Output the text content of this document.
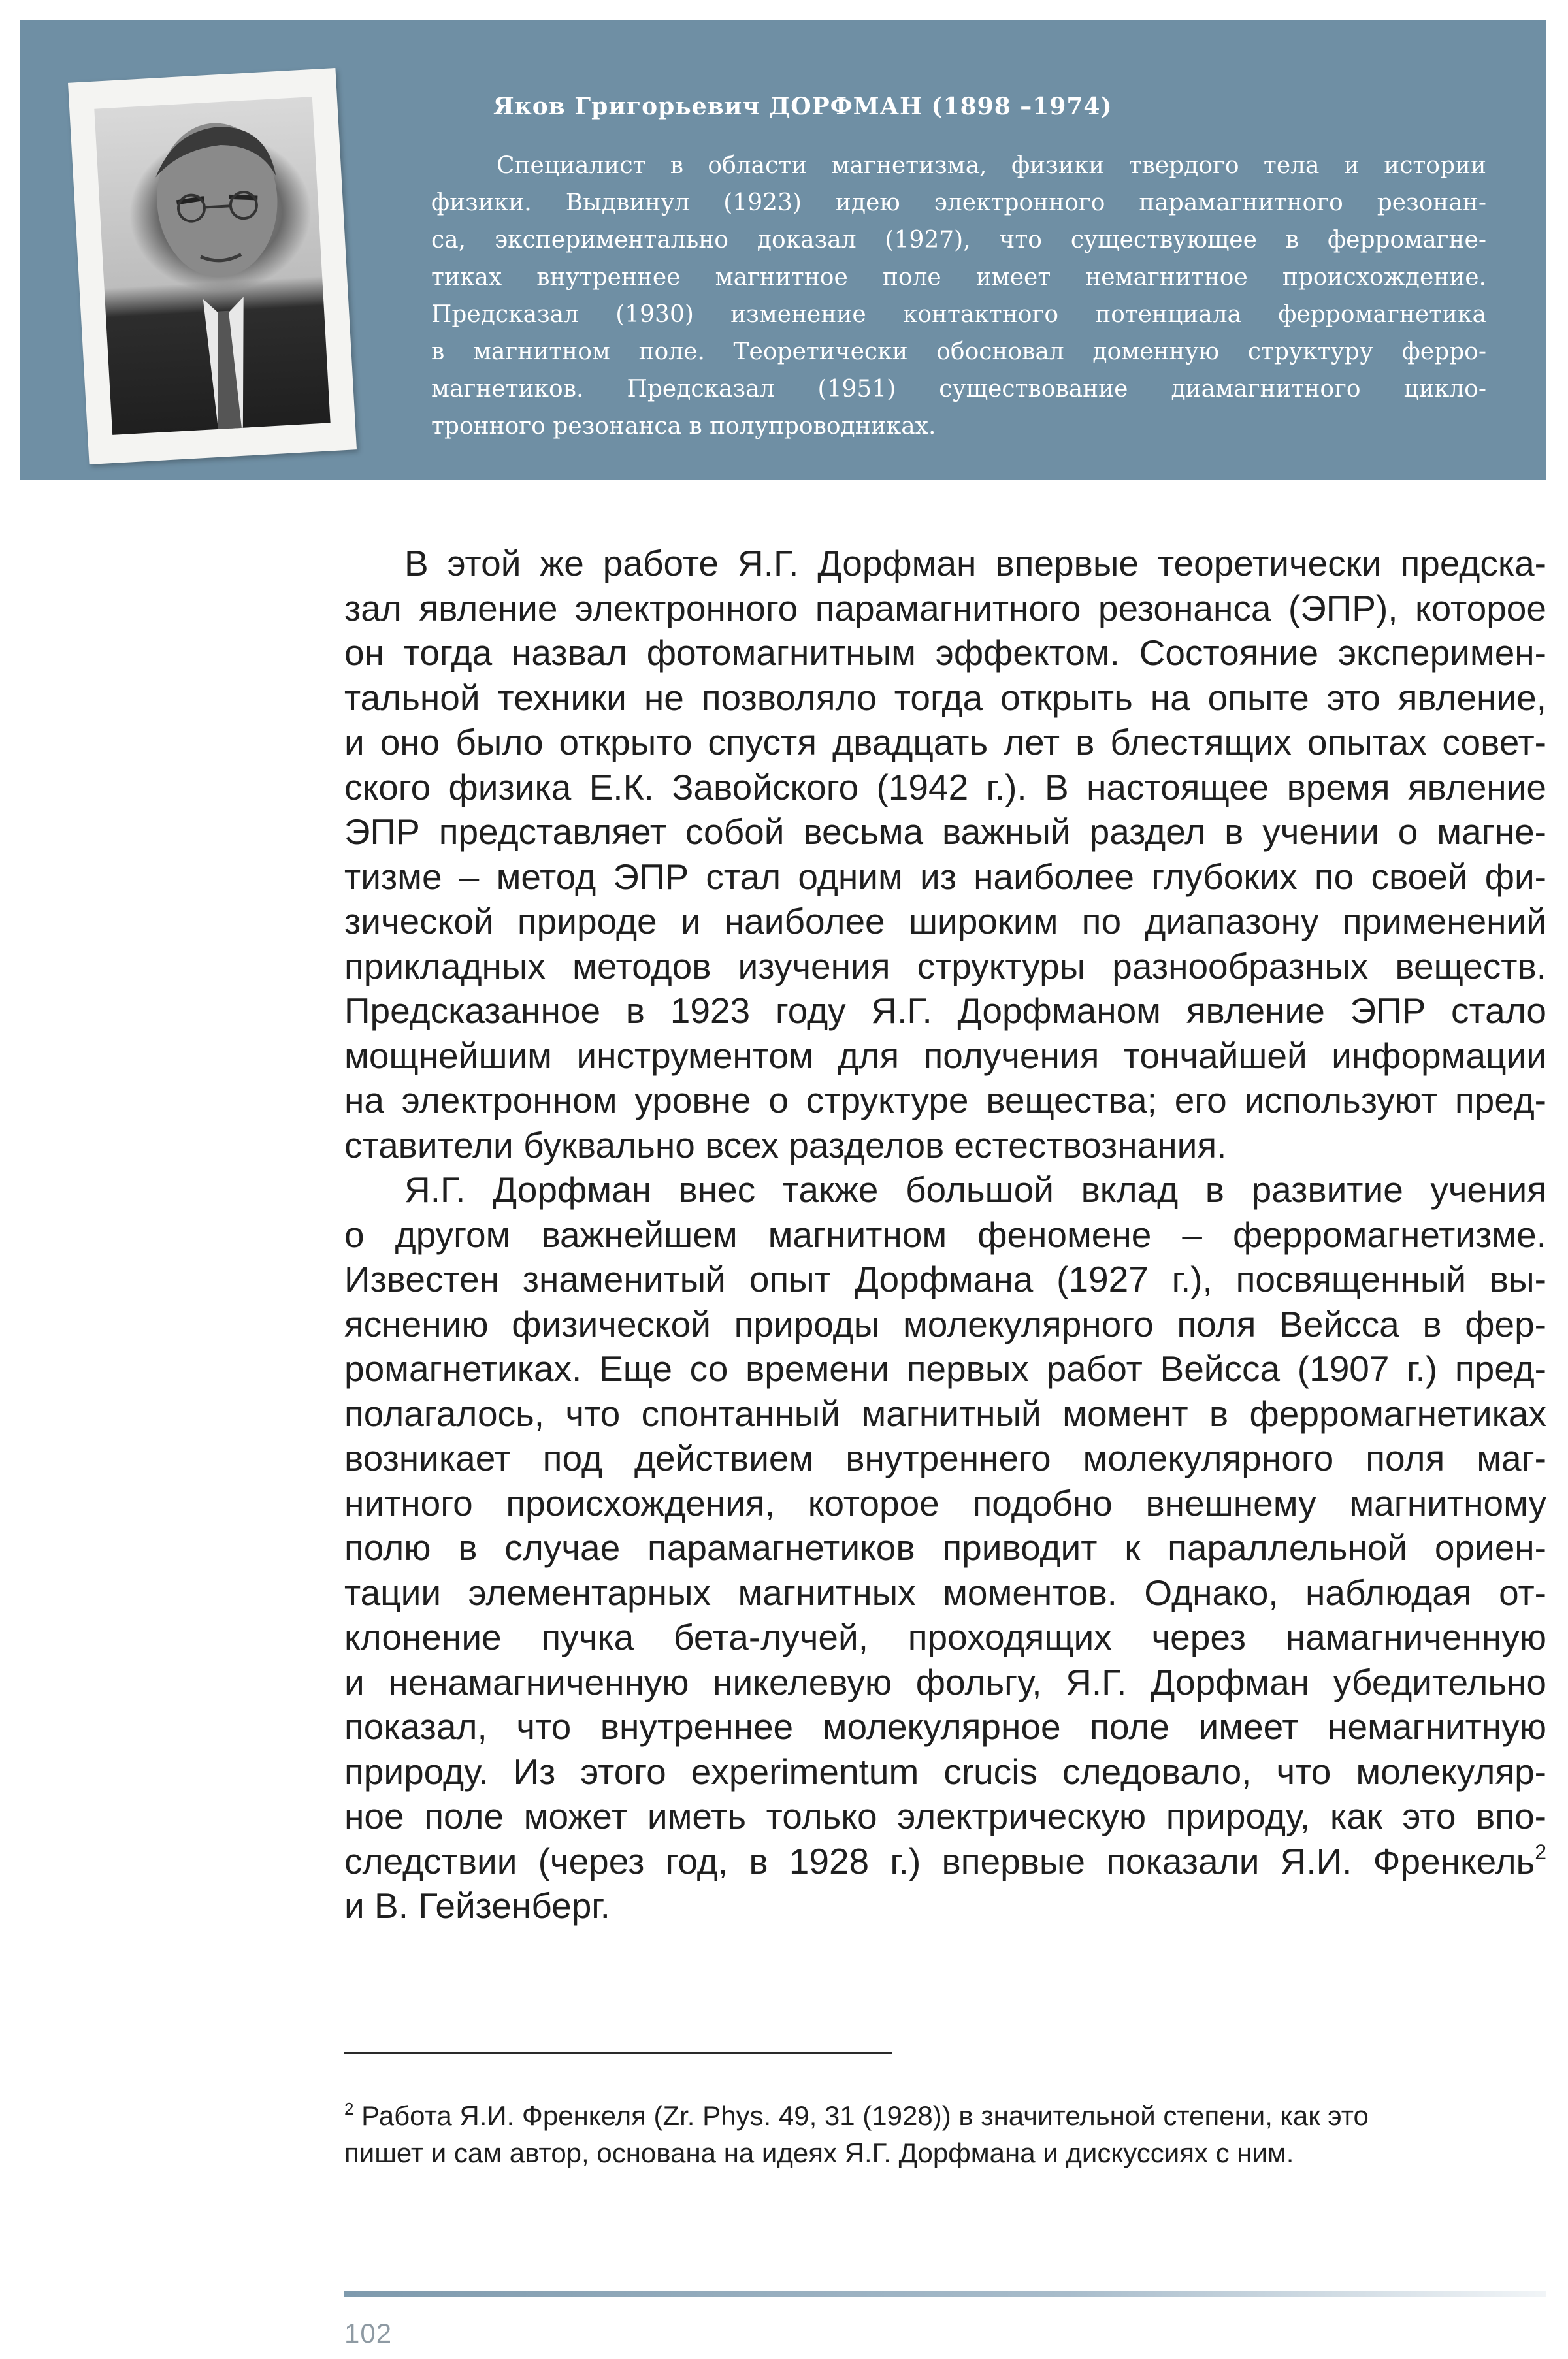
Яков Григорьевич ДОРФМАН (1898 –1974)

Специалист в области магнетизма, физики твердого тела и истории
физики. Выдвинул (1923) идею электронного парамагнитного резонан-
са, экспериментально доказал (1927), что существующее в ферромагне-
тиках внутреннее магнитное поле имеет немагнитное происхождение.
Предсказал (1930) изменение контактного потенциала ферромагнетика
в магнитном поле. Теоретически обосновал доменную структуру ферро-
магнетиков. Предсказал (1951) существование диамагнитного цикло-
тронного резонанса в полупроводниках.
В этой же работе Я.Г. Дорфман впервые теоретически предска-
зал явление электронного парамагнитного резонанса (ЭПР), которое
он тогда назвал фотомагнитным эффектом. Состояние эксперимен-
тальной техники не позволяло тогда открыть на опыте это явление,
и оно было открыто спустя двадцать лет в блестящих опытах совет-
ского физика Е.К. Завойского (1942 г.). В настоящее время явление
ЭПР представляет собой весьма важный раздел в учении о магне-
тизме – метод ЭПР стал одним из наиболее глубоких по своей фи-
зической природе и наиболее широким по диапазону применений
прикладных методов изучения структуры разнообразных веществ.
Предсказанное в 1923 году Я.Г. Дорфманом явление ЭПР стало
мощнейшим инструментом для получения тончайшей информации
на электронном уровне о структуре вещества; его используют пред-
ставители буквально всех разделов естествознания.
Я.Г. Дорфман внес также большой вклад в развитие учения
о другом важнейшем магнитном феномене – ферромагнетизме.
Известен знаменитый опыт Дорфмана (1927 г.), посвященный вы-
яснению физической природы молекулярного поля Вейсса в фер-
ромагнетиках. Еще со времени первых работ Вейсса (1907 г.) пред-
полагалось, что спонтанный магнитный момент в ферромагнетиках
возникает под действием внутреннего молекулярного поля маг-
нитного происхождения, которое подобно внешнему магнитному
полю в случае парамагнетиков приводит к параллельной ориен-
тации элементарных магнитных моментов. Однако, наблюдая от-
клонение пучка бета-лучей, проходящих через намагниченную
и ненамагниченную никелевую фольгу, Я.Г. Дорфман убедительно
показал, что внутреннее молекулярное поле имеет немагнитную
природу. Из этого experimentum crucis следовало, что молекуляр-
ное поле может иметь только электрическую природу, как это впо-
следствии (через год, в 1928 г.) впервые показали Я.И. Френкель$^2$
и В. Гейзенберг.
$^2$ Работа Я.И. Френкеля (Zr. Phys. 49, 31 (1928)) в значительной степени, как это
пишет и сам автор, основана на идеях Я.Г. Дорфмана и дискуссиях с ним.
102
